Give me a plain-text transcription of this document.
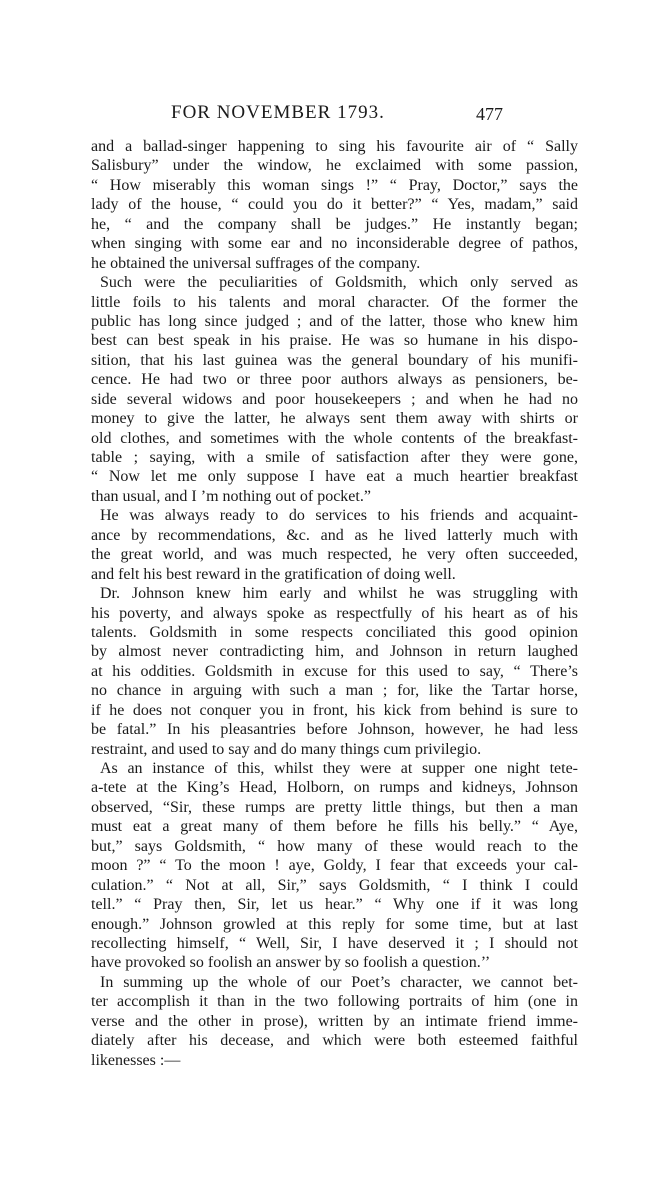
FOR NOVEMBER 1793.	477
and a ballad-singer happening to sing his favourite air of “ Sally
Salisbury” under the window, he exclaimed with some passion,
“ How miserably this woman sings !” “ Pray, Doctor,” says the
lady of the house, “ could you do it better?” “ Yes, madam,” said
he, “ and the company shall be judges.” He instantly began;
when singing with some ear and no inconsiderable degree of pathos,
he obtained the universal suffrages of the company.
Such were the peculiarities of Goldsmith, which only served as
little foils to his talents and moral character. Of the former the
public has long since judged ; and of the latter, those who knew him
best can best speak in his praise. He was so humane in his dispo-
sition, that his last guinea was the general boundary of his munifi-
cence. He had two or three poor authors always as pensioners, be-
side several widows and poor housekeepers ; and when he had no
money to give the latter, he always sent them away with shirts or
old clothes, and sometimes with the whole contents of the breakfast-
table ; saying, with a smile of satisfaction after they were gone,
“ Now let me only suppose I have eat a much heartier breakfast
than usual, and I ’m nothing out of pocket.”
He was always ready to do services to his friends and acquaint-
ance by recommendations, &c. and as he lived latterly much with
the great world, and was much respected, he very often succeeded,
and felt his best reward in the gratification of doing well.
Dr. Johnson knew him early and whilst he was struggling with
his poverty, and always spoke as respectfully of his heart as of his
talents. Goldsmith in some respects conciliated this good opinion
by almost never contradicting him, and Johnson in return laughed
at his oddities. Goldsmith in excuse for this used to say, “ There’s
no chance in arguing with such a man ; for, like the Tartar horse,
if he does not conquer you in front, his kick from behind is sure to
be fatal.” In his pleasantries before Johnson, however, he had less
restraint, and used to say and do many things cum privilegio.
As an instance of this, whilst they were at supper one night tete-
a-tete at the King’s Head, Holborn, on rumps and kidneys, Johnson
observed, “Sir, these rumps are pretty little things, but then a man
must eat a great many of them before he fills his belly.” “ Aye,
but,” says Goldsmith, “ how many of these would reach to the
moon ?” “ To the moon ! aye, Goldy, I fear that exceeds your cal-
culation.” “ Not at all, Sir,” says Goldsmith, “ I think I could
tell.” “ Pray then, Sir, let us hear.” “ Why one if it was long
enough.” Johnson growled at this reply for some time, but at last
recollecting himself, “ Well, Sir, I have deserved it ; I should not
have provoked so foolish an answer by so foolish a question.’’
In summing up the whole of our Poet’s character, we cannot bet-
ter accomplish it than in the two following portraits of him (one in
verse and the other in prose), written by an intimate friend imme-
diately after his decease, and which were both esteemed faithful
likenesses :—
